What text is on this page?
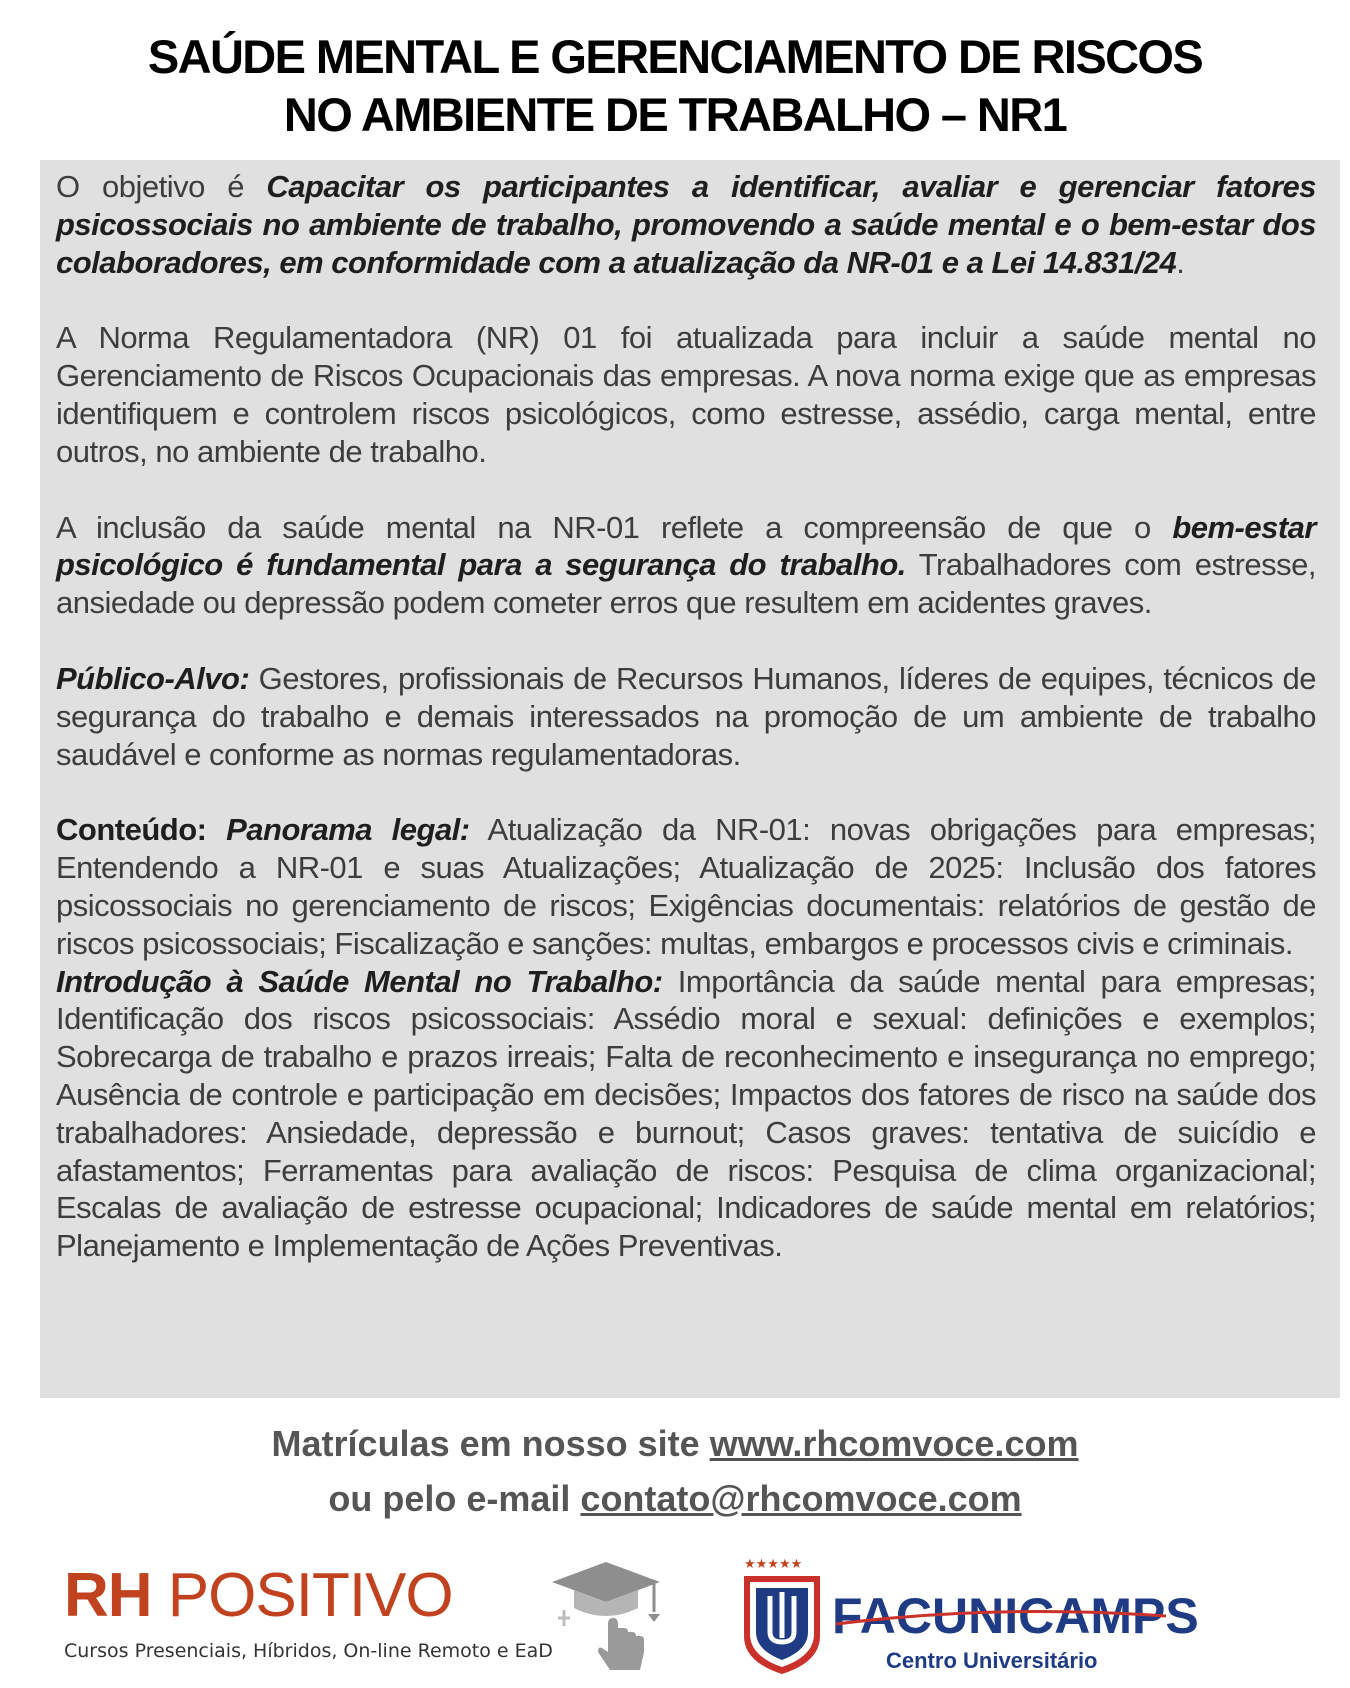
SAÚDE MENTAL E GERENCIAMENTO DE RISCOS
NO AMBIENTE DE TRABALHO – NR1

O objetivo é Capacitar os participantes a identificar, avaliar e gerenciar fatores psicossociais no ambiente de trabalho, promovendo a saúde mental e o bem-estar dos colaboradores, em conformidade com a atualização da NR-01 e a Lei 14.831/24.

A Norma Regulamentadora (NR) 01 foi atualizada para incluir a saúde mental no Gerenciamento de Riscos Ocupacionais das empresas. A nova norma exige que as empresas identifiquem e controlem riscos psicológicos, como estresse, assédio, carga mental, entre outros, no ambiente de trabalho.

A inclusão da saúde mental na NR-01 reflete a compreensão de que o bem-estar psicológico é fundamental para a segurança do trabalho. Trabalhadores com estresse, ansiedade ou depressão podem cometer erros que resultem em acidentes graves.

Público-Alvo: Gestores, profissionais de Recursos Humanos, líderes de equipes, técnicos de segurança do trabalho e demais interessados na promoção de um ambiente de trabalho saudável e conforme as normas regulamentadoras.

Conteúdo: Panorama legal: Atualização da NR-01: novas obrigações para empresas; Entendendo a NR-01 e suas Atualizações; Atualização de 2025: Inclusão dos fatores psicossociais no gerenciamento de riscos; Exigências documentais: relatórios de gestão de riscos psicossociais; Fiscalização e sanções: multas, embargos e processos civis e criminais.

Introdução à Saúde Mental no Trabalho: Importância da saúde mental para empresas; Identificação dos riscos psicossociais: Assédio moral e sexual: definições e exemplos; Sobrecarga de trabalho e prazos irreais; Falta de reconhecimento e insegurança no emprego; Ausência de controle e participação em decisões; Impactos dos fatores de risco na saúde dos trabalhadores: Ansiedade, depressão e burnout; Casos graves: tentativa de suicídio e afastamentos; Ferramentas para avaliação de riscos: Pesquisa de clima organizacional; Escalas de avaliação de estresse ocupacional; Indicadores de saúde mental em relatórios; Planejamento e Implementação de Ações Preventivas.

Matrículas em nosso site www.rhcomvoce.com
ou pelo e-mail contato@rhcomvoce.com
RH POSITIVO
Cursos Presenciais, Híbridos, On-line Remoto e EaD
★★★★★
FACUNICAMPS
Centro Universitário
